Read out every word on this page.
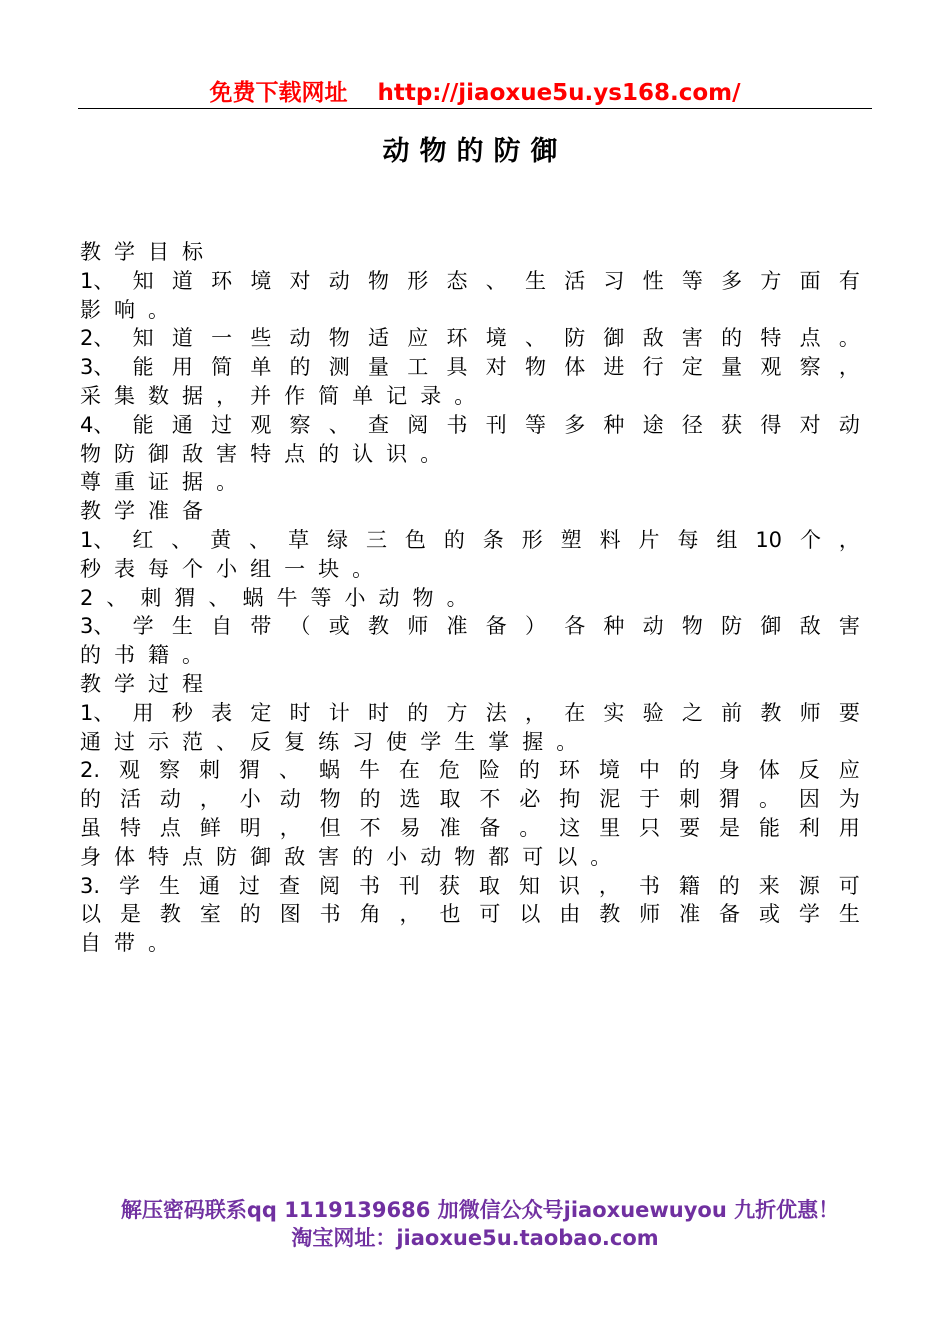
免费下载网址 http://jiaoxue5u.ys168.com/
动物的防御
教学目标
1、 知 道 环 境 对 动 物 形 态 、 生 活 习 性 等 多 方 面 有
影响。
2、 知 道 一 些 动 物 适 应 环 境 、 防 御 敌 害 的 特 点 。
3、 能 用 简 单 的 测 量 工 具 对 物 体 进 行 定 量 观 察 ，
采集数据，并作简单记录。
4、 能 通 过 观 察 、 查 阅 书 刊 等 多 种 途 径 获 得 对 动
物防御敌害特点的认识。
尊重证据。
教学准备
1、 红 、 黄 、 草 绿 三 色 的 条 形 塑 料 片 每 组 10 个 ，
秒表每个小组一块。
2、刺猬、蜗牛等小动物。
3、 学 生 自 带 （ 或 教 师 准 备 ） 各 种 动 物 防 御 敌 害
的书籍。
教学过程
1、 用 秒 表 定 时 计 时 的 方 法 ， 在 实 验 之 前 教 师 要
通过示范、反复练习使学生掌握。
2. 观 察 刺 猬 、 蜗 牛 在 危 险 的 环 境 中 的 身 体 反 应
的 活 动 ， 小 动 物 的 选 取 不 必 拘 泥 于 刺 猬 。 因 为
虽 特 点 鲜 明 ， 但 不 易 准 备 。 这 里 只 要 是 能 利 用
身体特点防御敌害的小动物都可以。
3. 学 生 通 过 查 阅 书 刊 获 取 知 识 ， 书 籍 的 来 源 可
以 是 教 室 的 图 书 角 ， 也 可 以 由 教 师 准 备 或 学 生
自带。
解压密码联系qq 1119139686 加微信公众号jiaoxuewuyou 九折优惠！
淘宝网址：jiaoxue5u.taobao.com
